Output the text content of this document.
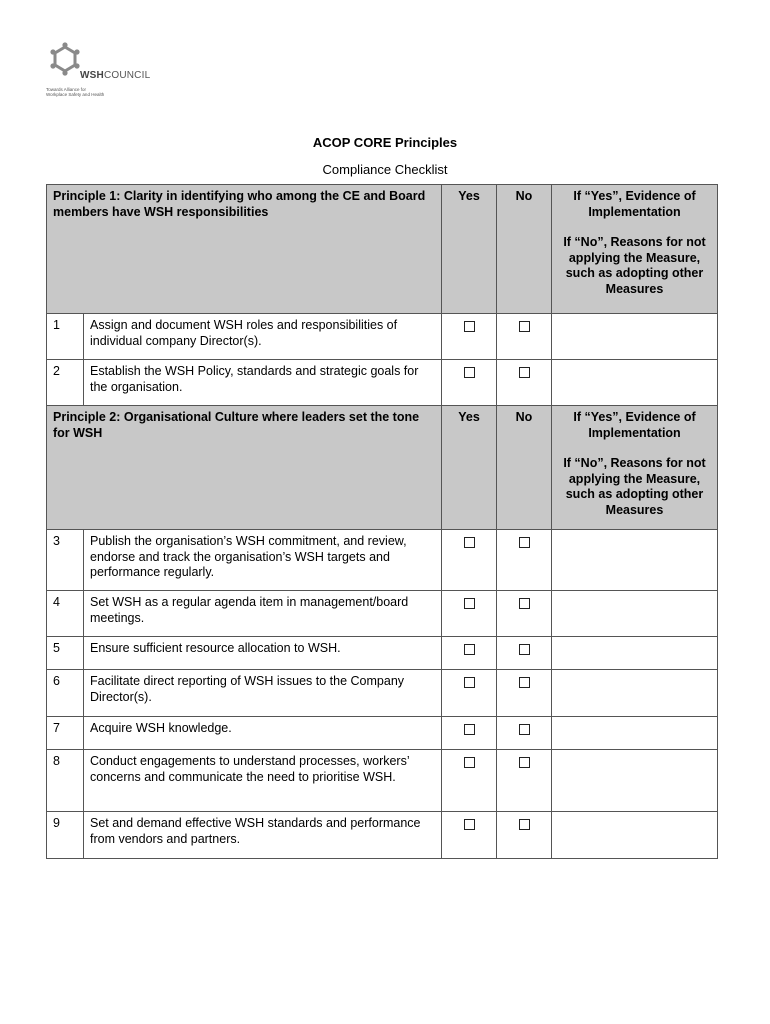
WSHCOUNCIL
Towards Alliance for
Workplace Safety and Health
ACOP CORE Principles
Compliance Checklist
Principle 1: Clarity in identifying who among the CE and Board members have WSH responsibilities		Yes	No	If “Yes”, Evidence of Implementation
If “No”, Reasons for not applying the Measure, such as adopting other Measures
1	Assign and document WSH roles and responsibilities of individual company Director(s).			
2	Establish the WSH Policy, standards and strategic goals for the organisation.			
Principle 2: Organisational Culture where leaders set the tone for WSH		Yes	No	If “Yes”, Evidence of Implementation
If “No”, Reasons for not applying the Measure, such as adopting other Measures
3	Publish the organisation’s WSH commitment, and review, endorse and track the organisation’s WSH targets and performance regularly.			
4	Set WSH as a regular agenda item in management/board meetings.			
5	Ensure sufficient resource allocation to WSH.			
6	Facilitate direct reporting of WSH issues to the Company Director(s).			
7	Acquire WSH knowledge.			
8	Conduct engagements to understand processes, workers’ concerns and communicate the need to prioritise WSH.			
9	Set and demand effective WSH standards and performance from vendors and partners.			
